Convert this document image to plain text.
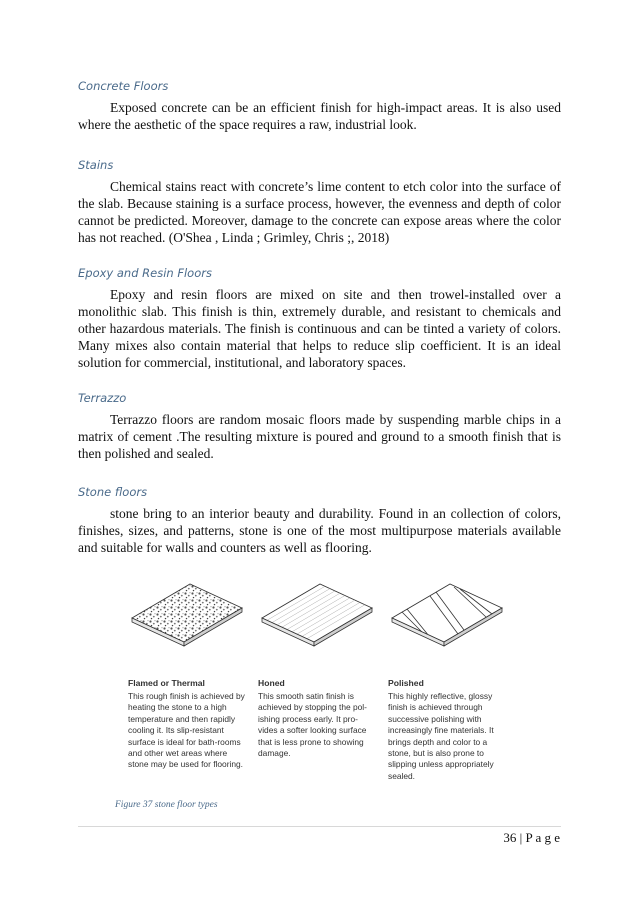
Concrete Floors

Exposed concrete can be an efficient finish for high-impact areas. It is also used where the aesthetic of the space requires a raw, industrial look.

Stains

Chemical stains react with concrete’s lime content to etch color into the surface of the slab. Because staining is a surface process, however, the evenness and depth of color cannot be predicted. Moreover, damage to the concrete can expose areas where the color has not reached. (O'Shea , Linda ; Grimley, Chris ;, 2018)

Epoxy and Resin Floors

Epoxy and resin floors are mixed on site and then trowel-installed over a monolithic slab. This finish is thin, extremely durable, and resistant to chemicals and other hazardous materials. The finish is continuous and can be tinted a variety of colors. Many mixes also contain material that helps to reduce slip coefficient. It is an ideal solution for commercial, institutional, and laboratory spaces.

Terrazzo

Terrazzo floors are random mosaic floors made by suspending marble chips in a matrix of cement .The resulting mixture is poured and ground to a smooth finish that is then polished and sealed.

Stone floors

stone bring to an interior beauty and durability. Found in an collection of colors, finishes, sizes, and patterns, stone is one of the most multipurpose materials available and suitable for walls and counters as well as flooring.

Flamed or Thermal

This rough finish is achieved by heating the stone to a high temperature and then rapidly cooling it. Its slip-resistant surface is ideal for bath-rooms and other wet areas where stone may be used for flooring.

Honed

This smooth satin finish is achieved by stopping the pol-ishing process early. It pro-vides a softer looking surface that is less prone to showing damage.

Polished

This highly reflective, glossy finish is achieved through successive polishing with increasingly fine materials. It brings depth and color to a stone, but is also prone to slipping unless appropriately sealed.

Figure 37 stone floor types

36 | P a g e
